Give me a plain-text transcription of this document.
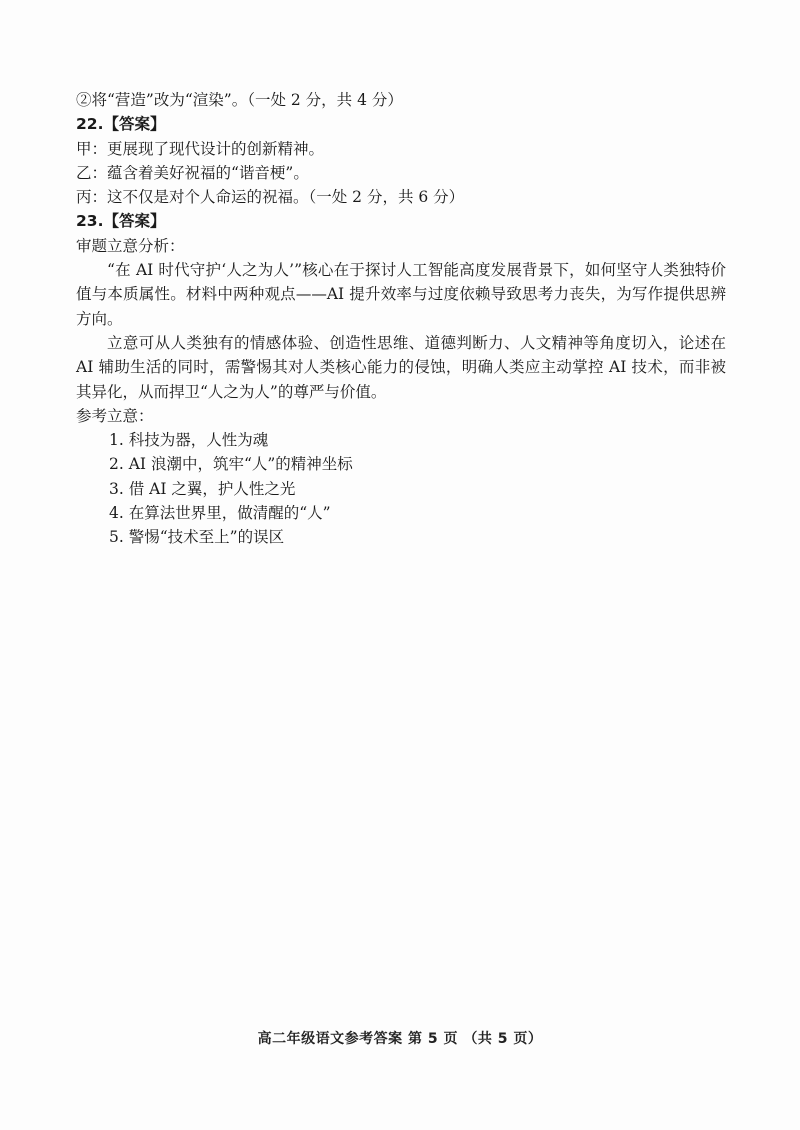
②将“营造”改为“渲染”。（一处 2 分，共 4 分）

22.【答案】

甲：更展现了现代设计的创新精神。

乙：蕴含着美好祝福的“谐音梗”。

丙：这不仅是对个人命运的祝福。（一处 2 分，共 6 分）

23.【答案】

审题立意分析：

“在 AI 时代守护‘人之为人’”核心在于探讨人工智能高度发展背景下，如何坚守人类独特价值与本质属性。材料中两种观点——AI 提升效率与过度依赖导致思考力丧失，为写作提供思辨方向。

立意可从人类独有的情感体验、创造性思维、道德判断力、人文精神等角度切入，论述在 AI 辅助生活的同时，需警惕其对人类核心能力的侵蚀，明确人类应主动掌控 AI 技术，而非被其异化，从而捍卫“人之为人”的尊严与价值。

参考立意：

1. 科技为器，人性为魂
2. AI 浪潮中，筑牢“人”的精神坐标
3. 借 AI 之翼，护人性之光
4. 在算法世界里，做清醒的“人”
5. 警惕“技术至上”的误区
高二年级语文参考答案 第 5 页 （共 5 页）
